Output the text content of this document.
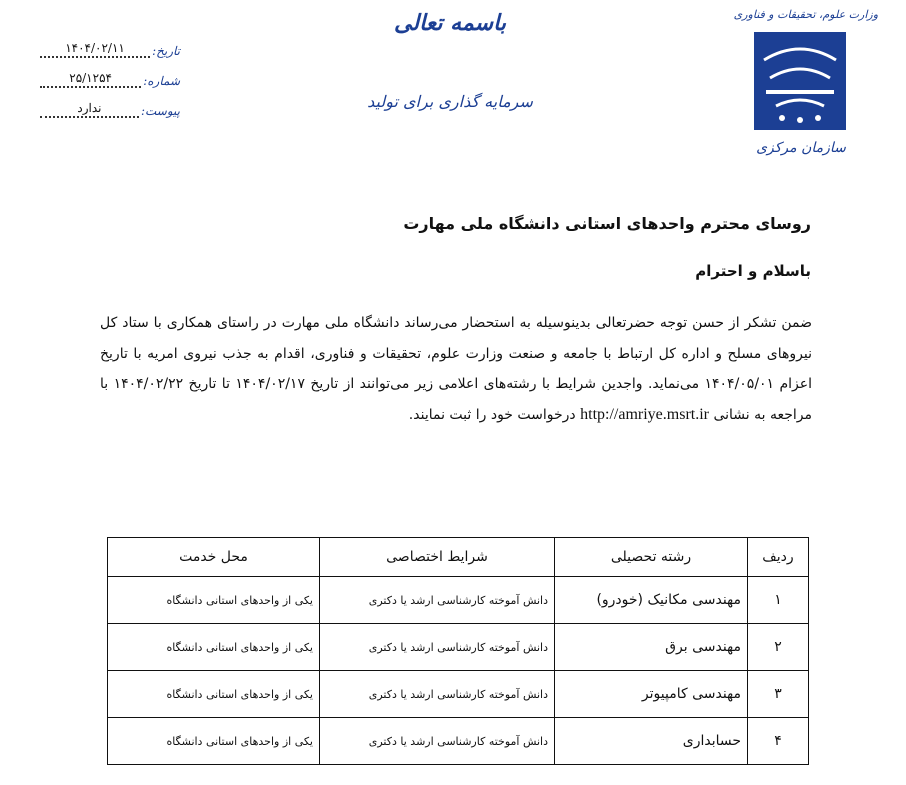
تاریخ:
۱۴۰۴/۰۲/۱۱
شماره:
۲۵/۱۲۵۴
پیوست:
ندارد
باسمه تعالی
سرمایه گذاری برای تولید
وزارت علوم، تحقیقات و فناوری
سازمان مرکزی
روسای محترم واحدهای استانی دانشگاه ملی مهارت
باسلام و احترام
ضمن تشکر از حسن توجه حضرتعالی بدینوسیله به استحضار می‌رساند دانشگاه ملی مهارت در راستای همکاری با ستاد کل نیروهای مسلح و اداره کل ارتباط با جامعه و صنعت وزارت علوم، تحقیقات و فناوری، اقدام به جذب نیروی امریه با تاریخ اعزام ۱۴۰۴/۰۵/۰۱ می‌نماید. واجدین شرایط با رشته‌های اعلامی زیر می‌توانند از تاریخ ۱۴۰۴/۰۲/۱۷ تا تاریخ ۱۴۰۴/۰۲/۲۲ با مراجعه به نشانی http://amriye.msrt.ir درخواست خود را ثبت نمایند.
ردیف	رشته تحصیلی	شرایط اختصاصی	محل خدمت
۱	مهندسی مکانیک (خودرو)	دانش آموخته کارشناسی ارشد یا دکتری	یکی از واحدهای استانی دانشگاه
۲	مهندسی برق	دانش آموخته کارشناسی ارشد یا دکتری	یکی از واحدهای استانی دانشگاه
۳	مهندسی کامپیوتر	دانش آموخته کارشناسی ارشد یا دکتری	یکی از واحدهای استانی دانشگاه
۴	حسابداری	دانش آموخته کارشناسی ارشد یا دکتری	یکی از واحدهای استانی دانشگاه
